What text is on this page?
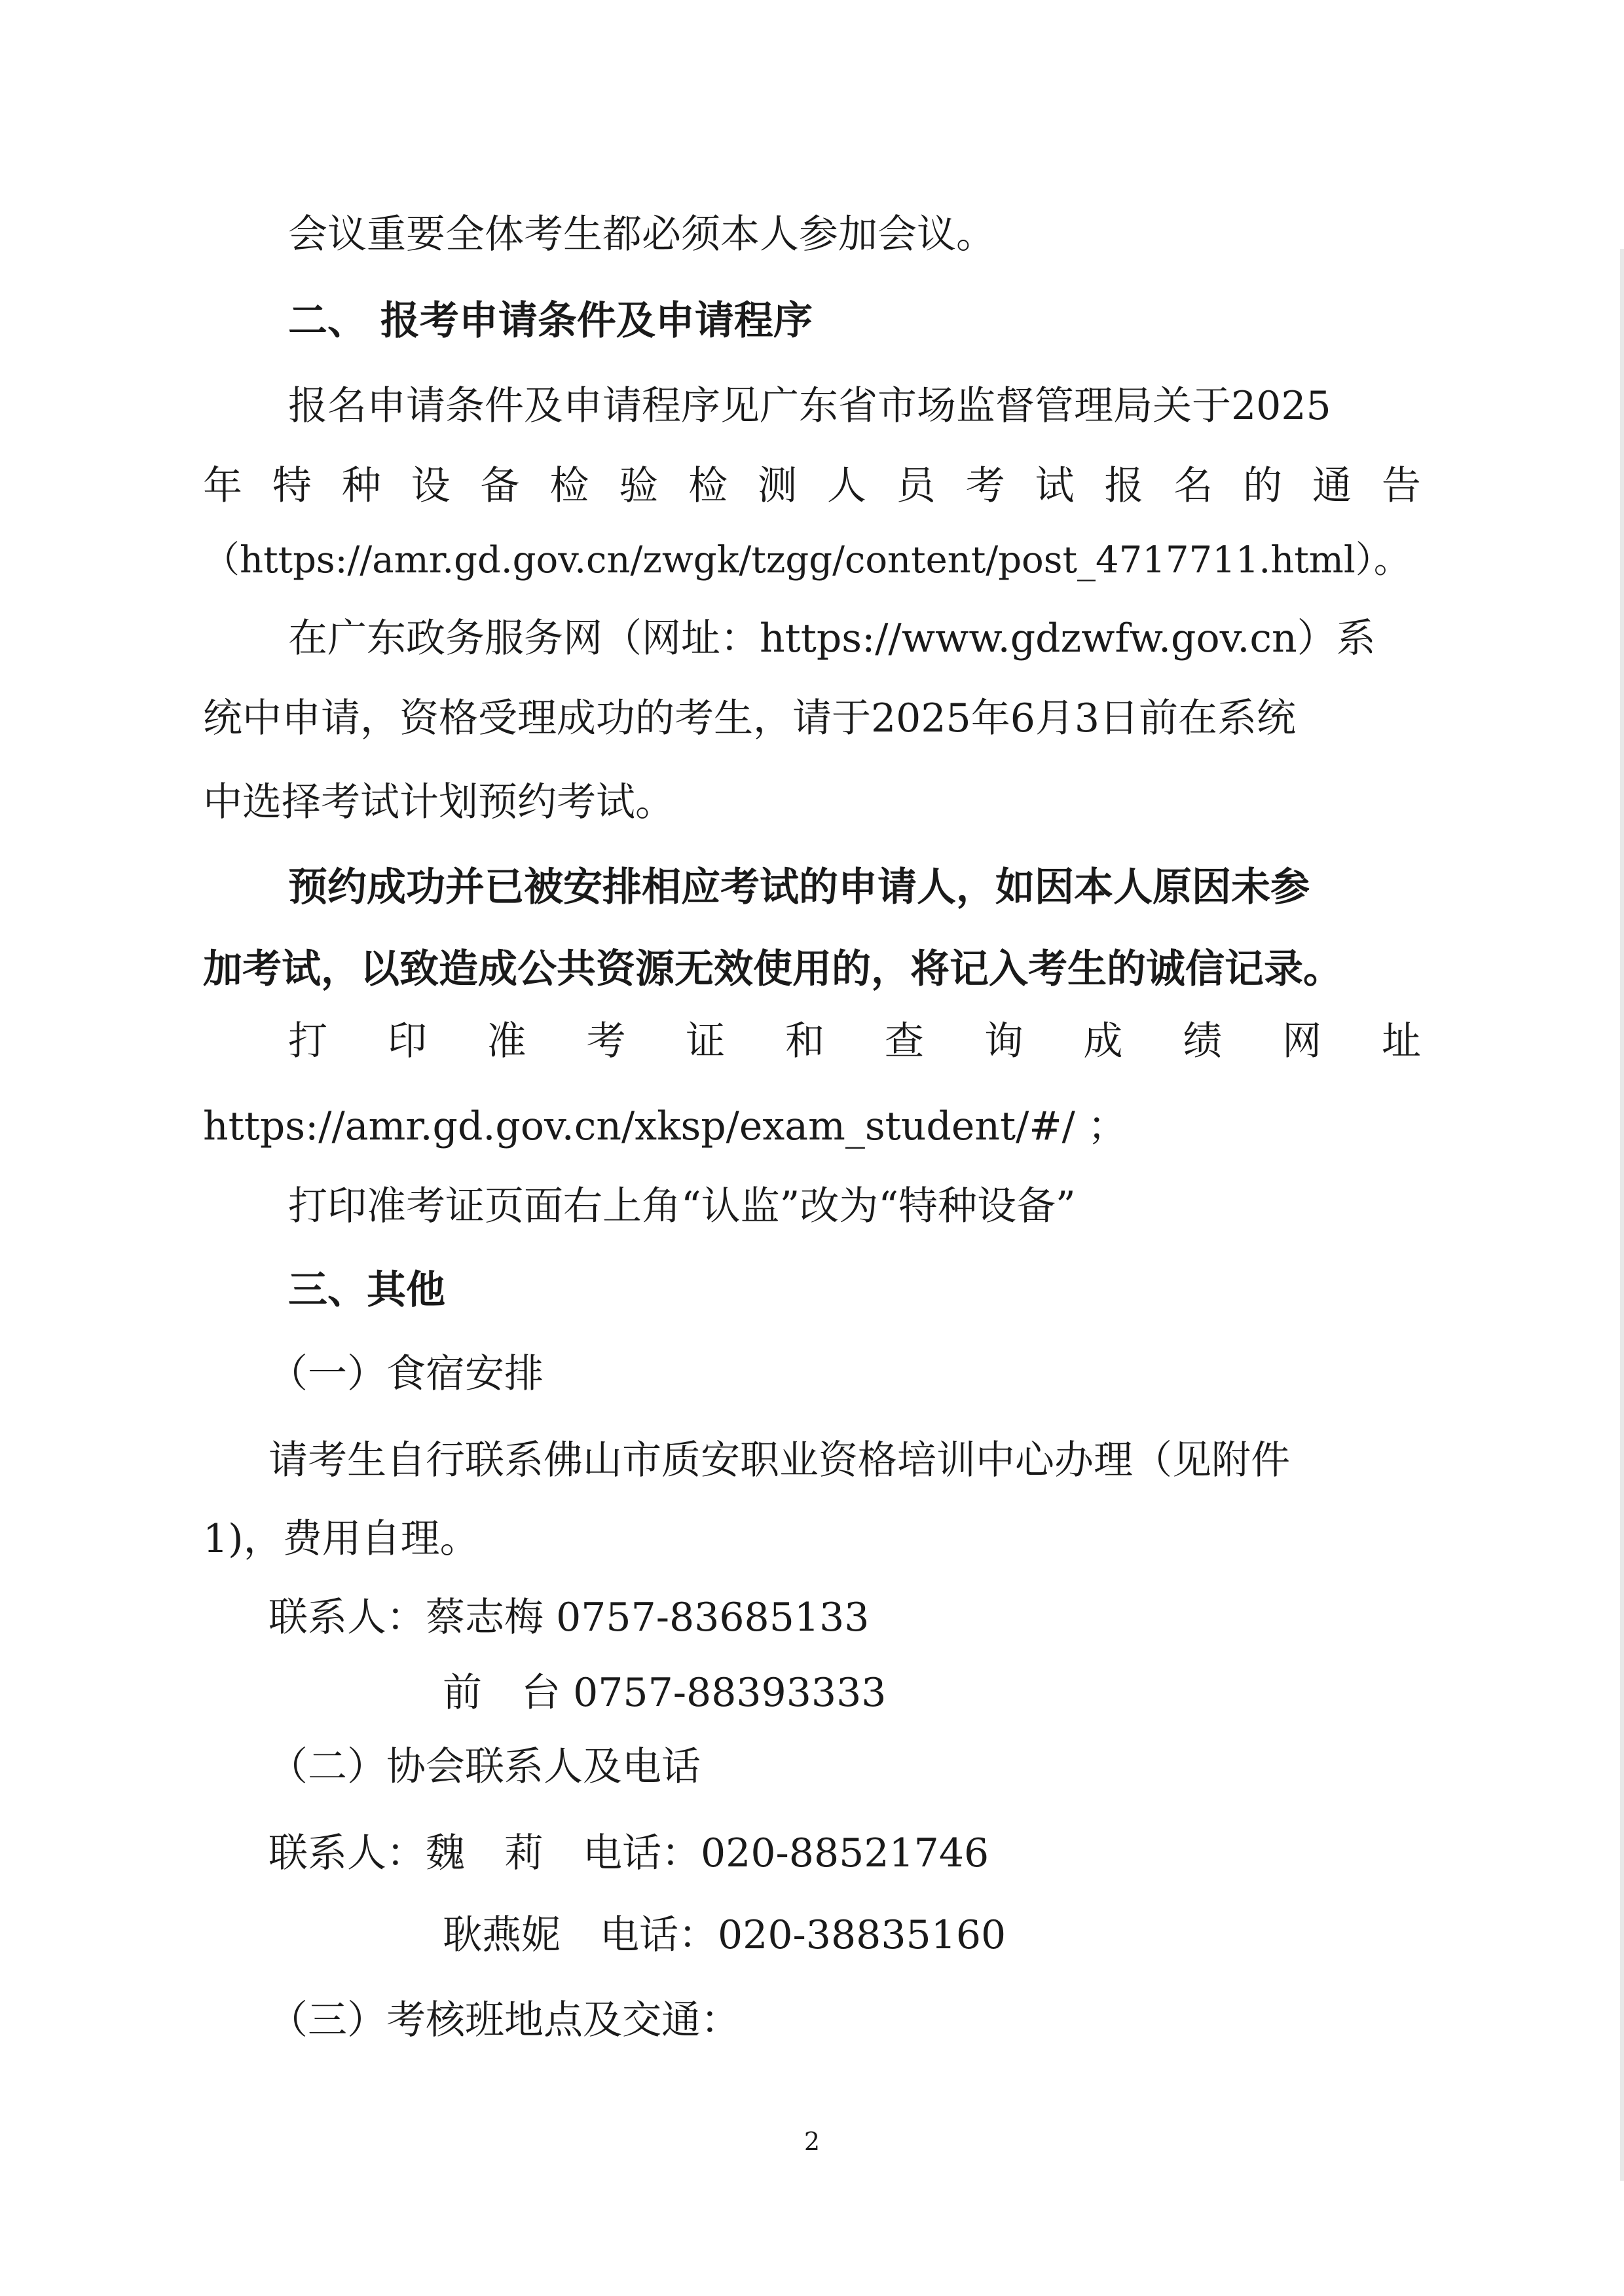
会议重要全体考生都必须本人参加会议。
二、 报考申请条件及申请程序
报名申请条件及申请程序见广东省市场监督管理局关于2025
年 特 种 设 备 检 验 检 测 人 员 考 试 报 名 的 通 告
（https://amr.gd.gov.cn/zwgk/tzgg/content/post_4717711.html）。
在广东政务服务网（网址：https://www.gdzwfw.gov.cn）系
统中申请，资格受理成功的考生，请于2025年6月3日前在系统
中选择考试计划预约考试。
预约成功并已被安排相应考试的申请人，如因本人原因未参
加考试，以致造成公共资源无效使用的，将记入考生的诚信记录。
打 印 准 考 证 和 查 询 成 绩 网 址
https://amr.gd.gov.cn/xksp/exam_student/#/ ；
打印准考证页面右上角“认监”改为“特种设备”
三、其他
（一）食宿安排
请考生自行联系佛山市质安职业资格培训中心办理（见附件
1)，费用自理。
联系人：蔡志梅 0757-83685133
前　台 0757-88393333
（二）协会联系人及电话
联系人：魏　莉　电话：020-88521746
耿燕妮　电话：020-38835160
（三）考核班地点及交通：
2
